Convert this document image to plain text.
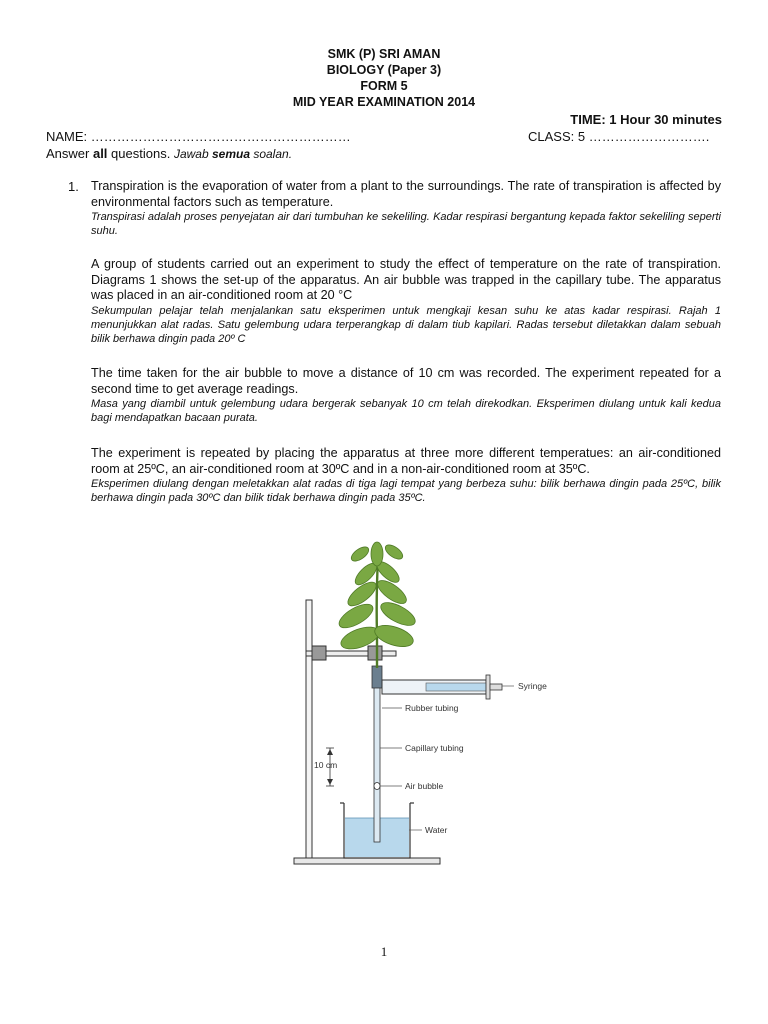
SMK (P) SRI AMAN
BIOLOGY (Paper 3)
FORM 5
MID YEAR EXAMINATION 2014
TIME: 1 Hour 30 minutes
NAME: ……………………………………………………	CLASS: 5 ……………………….
Answer all questions. Jawab semua soalan.
1. Transpiration is the evaporation of water from a plant to the surroundings. The rate of transpiration is affected by environmental factors such as temperature.
Transpirasi adalah proses penyejatan air dari tumbuhan ke sekeliling. Kadar respirasi bergantung kepada faktor sekeliling seperti suhu.
A group of students carried out an experiment to study the effect of temperature on the rate of transpiration. Diagrams 1 shows the set-up of the apparatus. An air bubble was trapped in the capillary tube. The apparatus was placed in an air-conditioned room at 20 °C
Sekumpulan pelajar telah menjalankan satu eksperimen untuk mengkaji kesan suhu ke atas kadar respirasi. Rajah 1 menunjukkan alat radas. Satu gelembung udara terperangkap di dalam tiub kapilari. Radas tersebut diletakkan dalam sebuah bilik berhawa dingin pada 20º C
The time taken for the air bubble to move a distance of 10 cm was recorded. The experiment repeated for a second time to get average readings.
Masa yang diambil untuk gelembung udara bergerak sebanyak 10 cm telah direkodkan. Eksperimen diulang untuk kali kedua bagi mendapatkan bacaan purata.
The experiment is repeated by placing the apparatus at three more different temperatues: an air-conditioned room at 25ºC, an air-conditioned room at 30ºC and in a non-air-conditioned room at 35ºC.
Eksperimen diulang dengan meletakkan alat radas di tiga lagi tempat yang berbeza suhu: bilik berhawa dingin pada 25ºC, bilik berhawa dingin pada 30ºC dan bilik tidak berhawa dingin pada 35ºC.
10 cm
Syringe
Rubber tubing
Capillary tubing
Air bubble
Water
1
